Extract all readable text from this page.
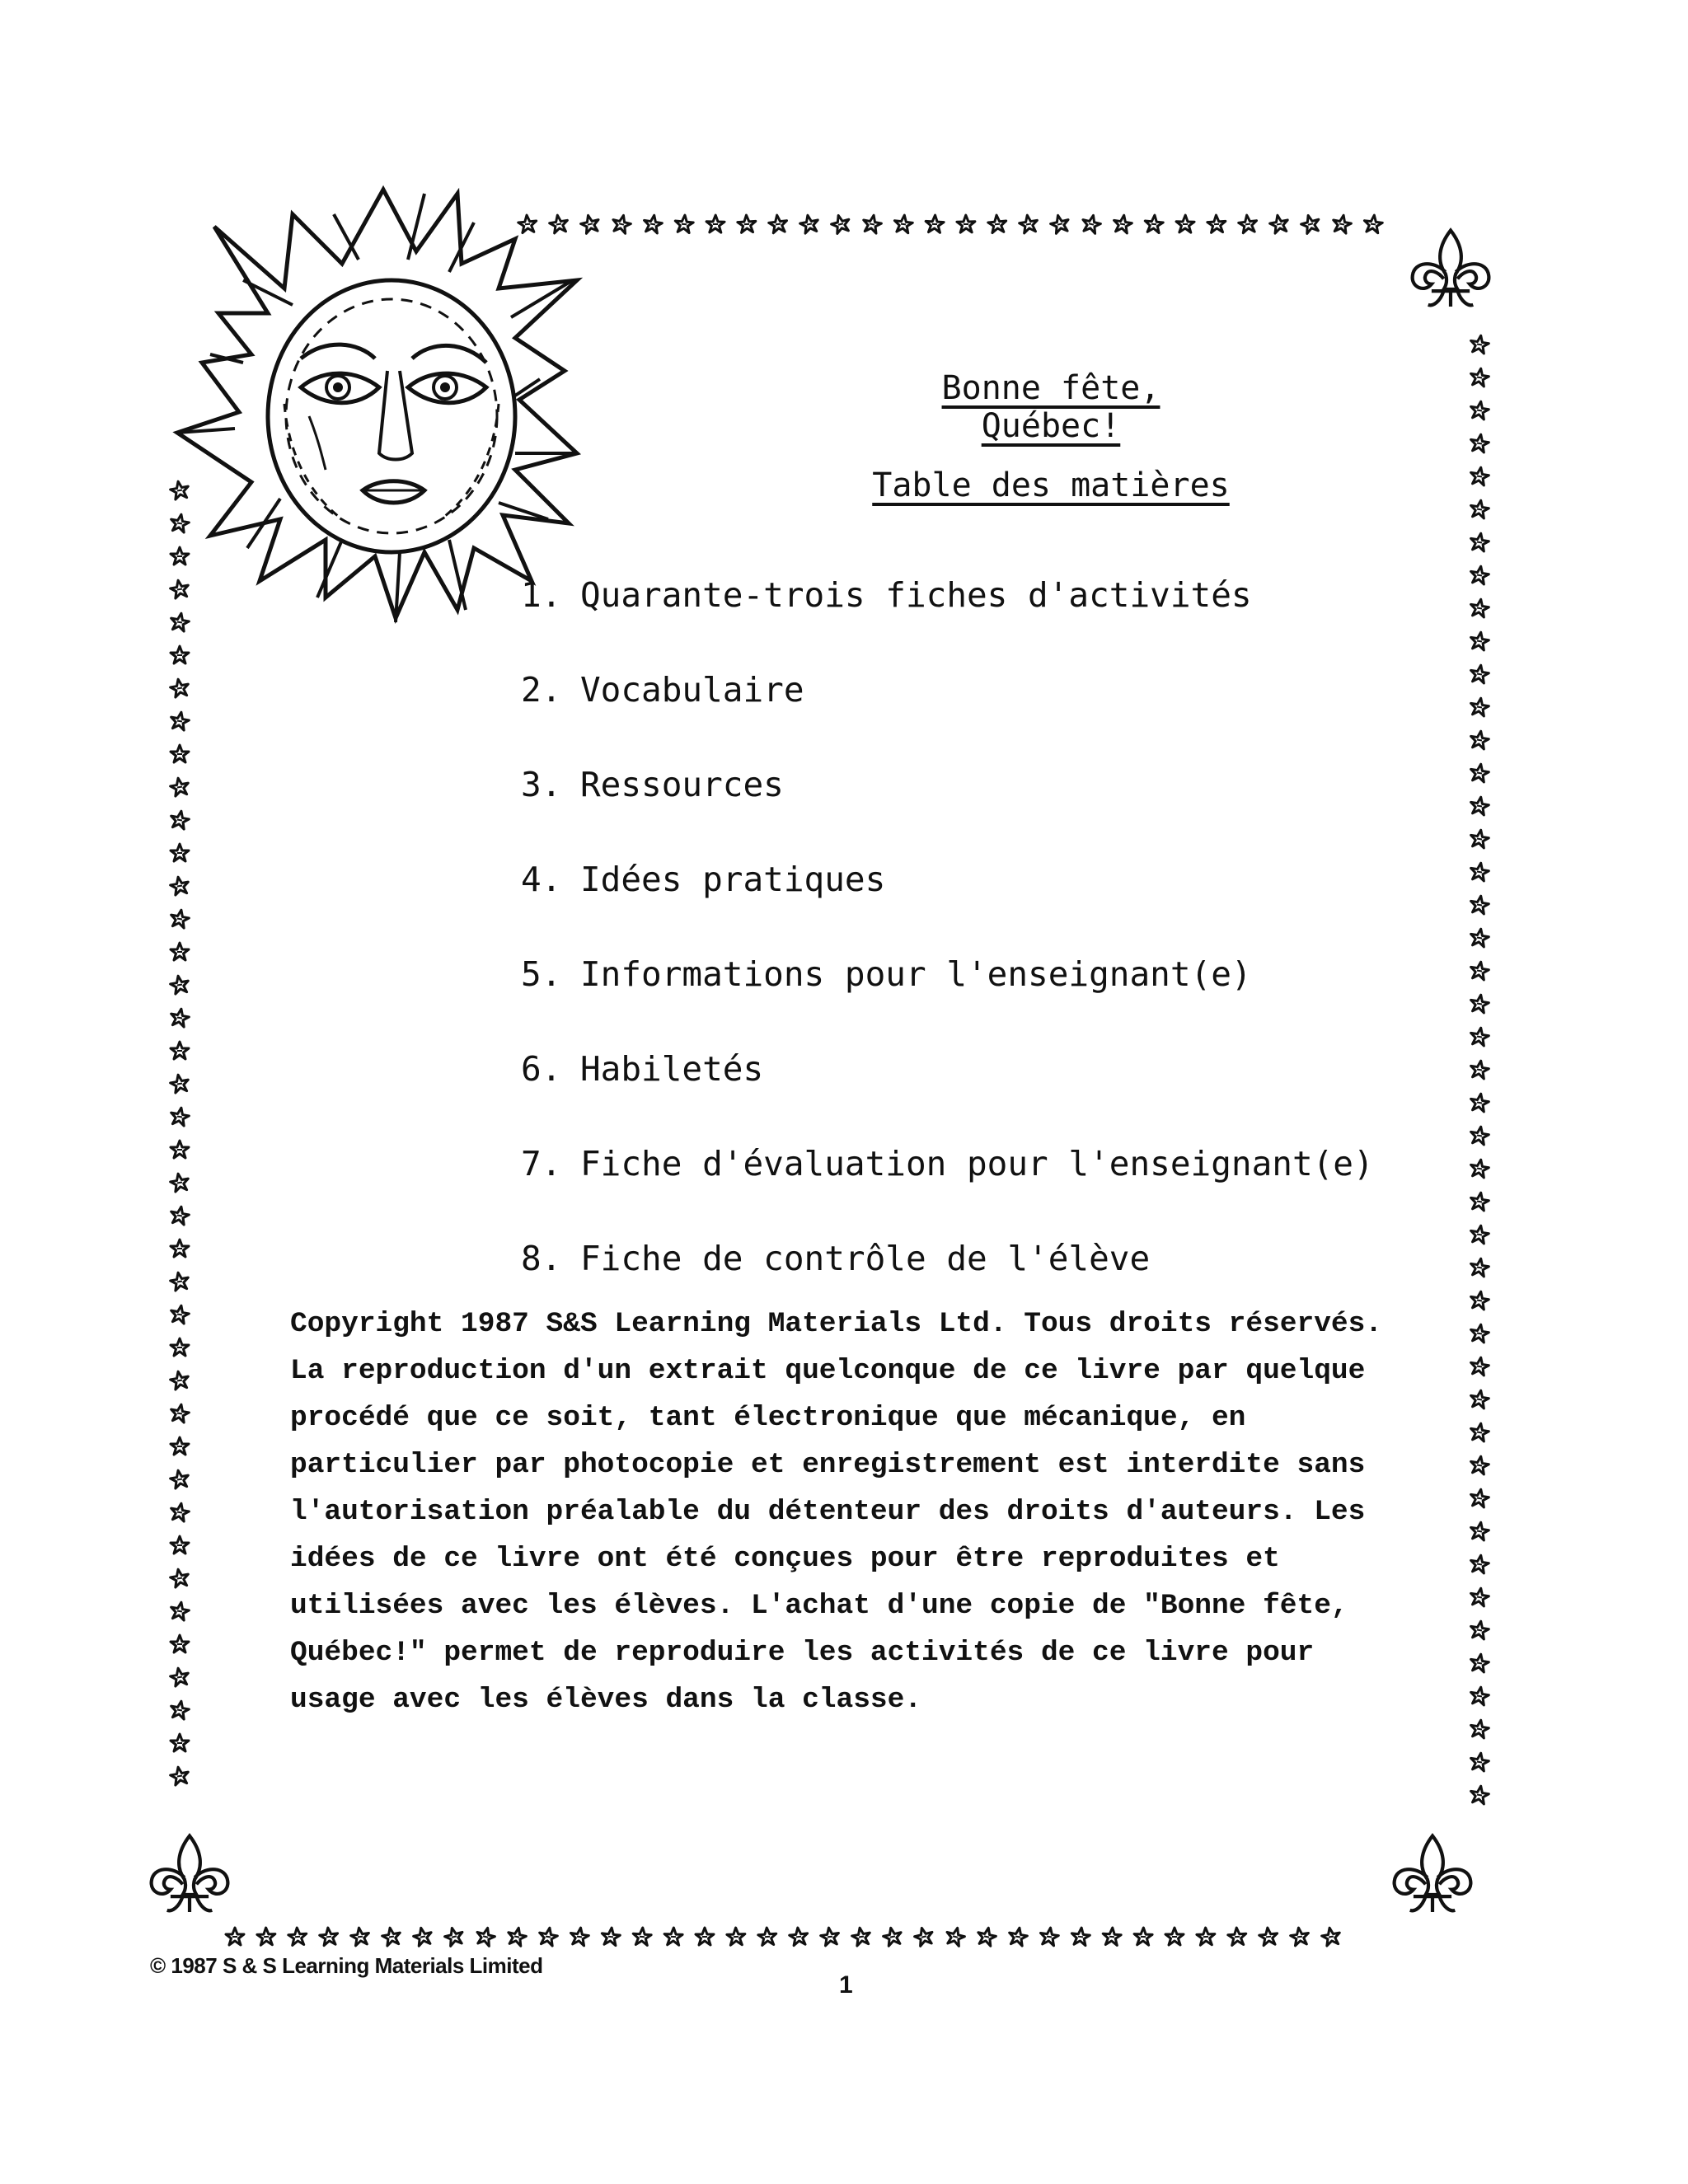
Bonne fête, Québec!
Table des matières
1. Quarante-trois fiches d'activités
2. Vocabulaire
3. Ressources
4. Idées pratiques
5. Informations pour l'enseignant(e)
6. Habiletés
7. Fiche d'évaluation pour l'enseignant(e)
8. Fiche de contrôle de l'élève

Copyright 1987 S&S Learning Materials Ltd. Tous droits réservés.

La reproduction d'un extrait quelconque de ce livre par quelque procédé que ce soit, tant électronique que mécanique, en particulier par photocopie et enregistrement est interdite sans l'autorisation préalable du détenteur des droits d'auteurs. Les idées de ce livre ont été conçues pour être reproduites et utilisées avec les élèves. L'achat d'une copie de "Bonne fête, Québec!" permet de reproduire les activités de ce livre pour usage avec les élèves dans la classe.

© 1987 S & S Learning Materials Limited
1
